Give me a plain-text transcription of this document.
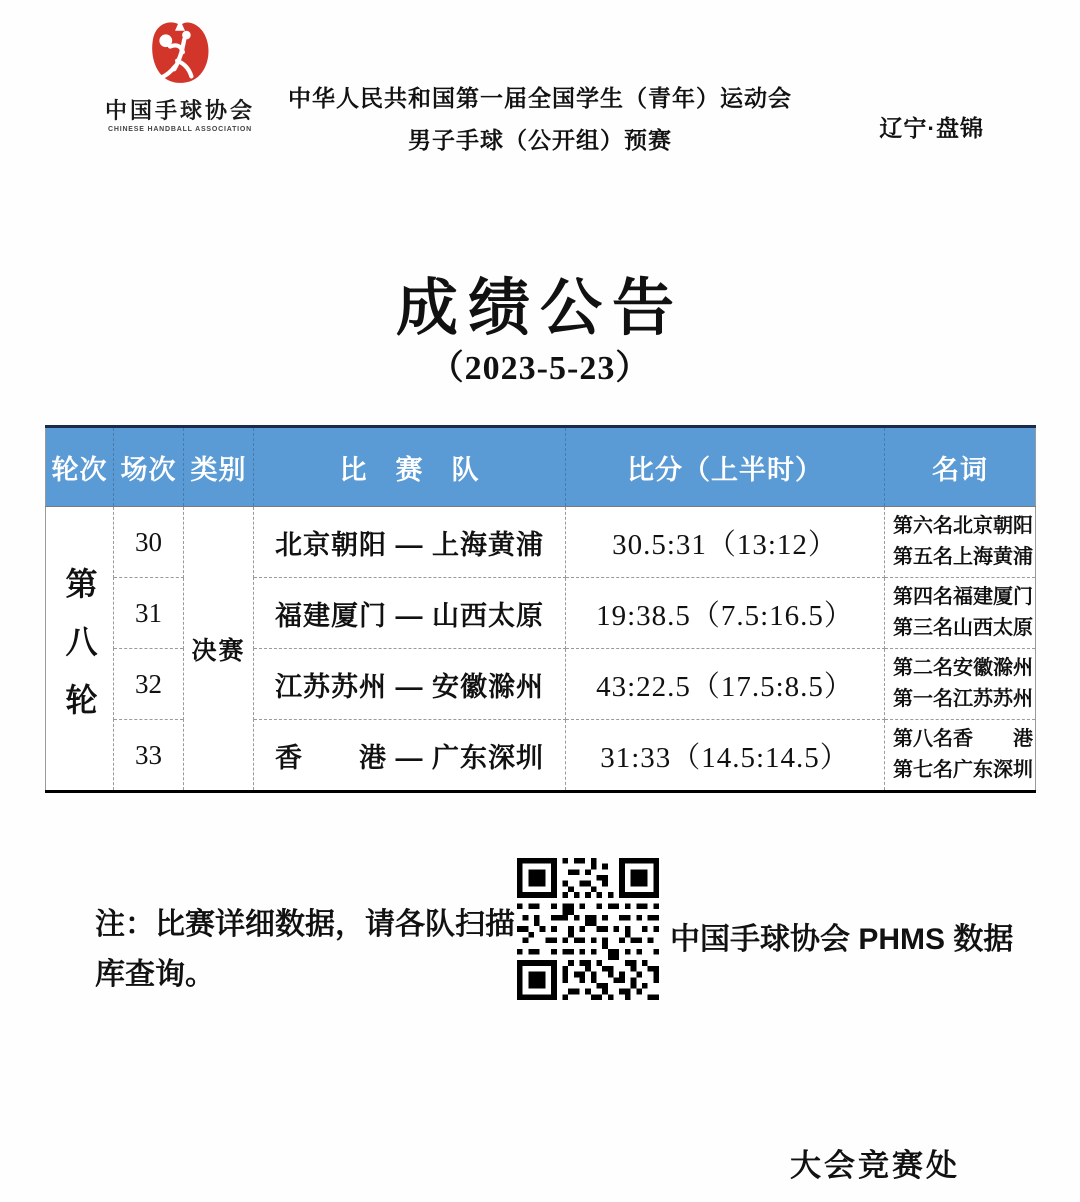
中国手球协会
CHINESE HANDBALL ASSOCIATION
中华人民共和国第一届全国学生（青年）运动会
男子手球（公开组）预赛	辽宁·盘锦
成绩公告
（2023-5-23）
轮次	场次	类别	比　赛　队	比分（上半时）	名词

第八轮	30	决赛	北京朝阳 — 上海黄浦	30.5:31（13:12）	第六名 北京朝阳
第五名 上海黄浦

	31		福建厦门 — 山西太原	19:38.5（7.5:16.5）	第四名 福建厦门
第三名 山西太原

	32		江苏苏州 — 安徽滁州	43:22.5（17.5:8.5）	第二名 安徽滁州
第一名 江苏苏州

	33		香　　港 — 广东深圳	31:33（14.5:14.5）	第八名 香　　港
第七名 广东深圳
注：比赛详细数据，请各队扫描
库查询。
中国手球协会 PHMS 数据
大会竞赛处
